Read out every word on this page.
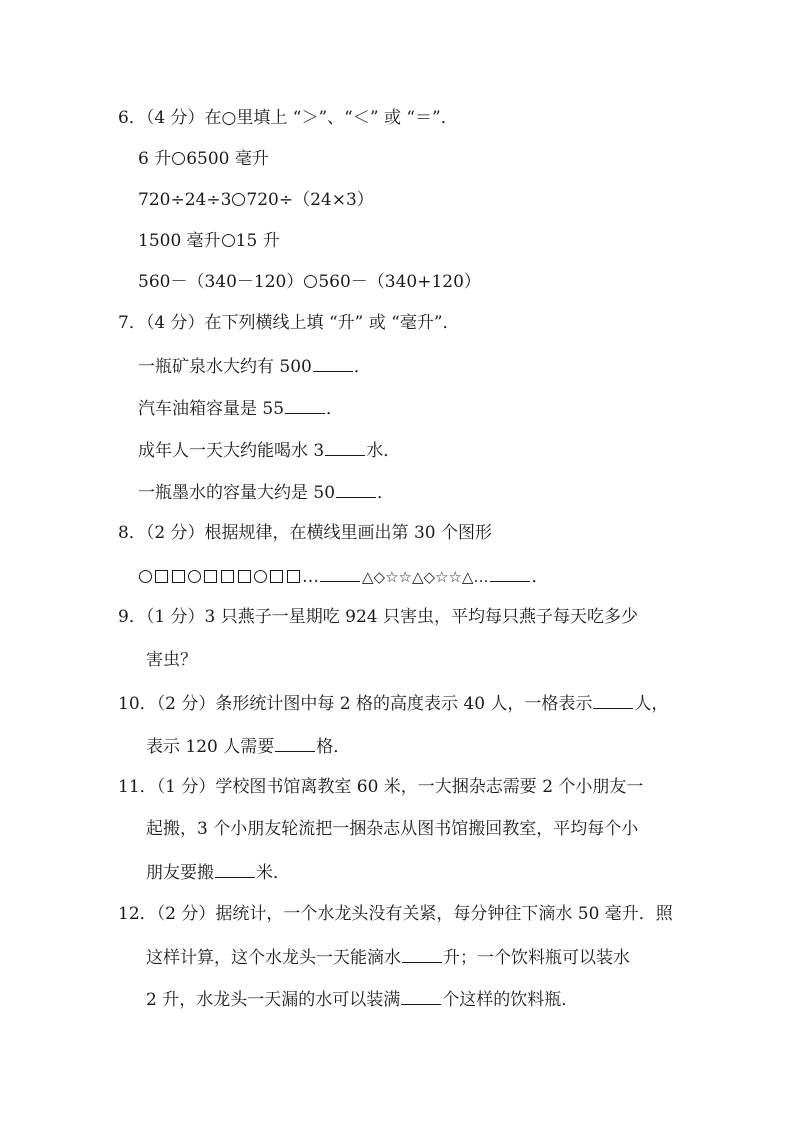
6．（4 分）在○里填上 “＞”、“＜” 或 “＝”．
6 升 6500 毫升
720÷24÷3 720÷（24×3）
1500 毫升 15 升
560－（340－120） 560－（340+120）
7．（4 分）在下列横线上填 “升” 或 “毫升”．
一瓶矿泉水大约有 500 ．
汽车油箱容量是 55 ．
成年人一天大约能喝水 3 水．
一瓶墨水的容量大约是 50 ．
8．（2 分）根据规律，在横线里画出第 30 个图形
…	△◇☆☆△◇☆☆△…	．
9．（1 分）3 只燕子一星期吃 924 只害虫，平均每只燕子每天吃多少
害虫？
10．（2 分）条形统计图中每 2 格的高度表示 40 人，一格表示 人，
表示 120 人需要 格．
11．（1 分）学校图书馆离教室 60 米，一大捆杂志需要 2 个小朋友一
起搬，3 个小朋友轮流把一捆杂志从图书馆搬回教室，平均每个小
朋友要搬 米．
12．（2 分）据统计，一个水龙头没有关紧，每分钟往下滴水 50 毫升．照
这样计算，这个水龙头一天能滴水 升；一个饮料瓶可以装水
2 升，水龙头一天漏的水可以装满 个这样的饮料瓶．
